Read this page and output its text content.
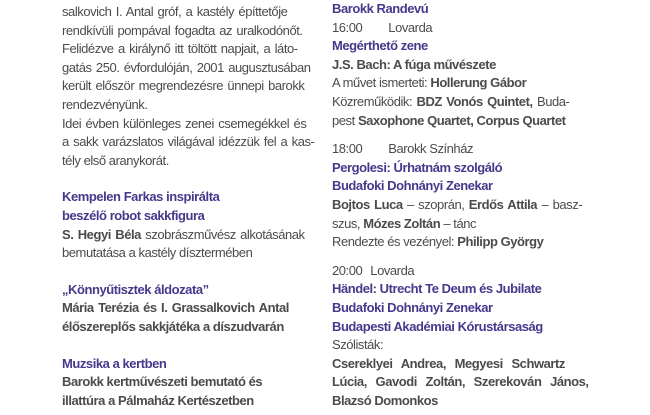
salkovich I. Antal gróf, a kastély építtetője
rendkívüli pompával fogadta az uralkodónőt.
Felidézve a királynő itt töltött napjait, a láto-
gatás 250. évfordulóján, 2001 augusztusában
került először megrendezésre ünnepi barokk
rendezvényünk.
Idei évben különleges zenei csemegékkel és
a sakk varázslatos világával idézzük fel a kas-
tély első aranykorát.
Kempelen Farkas inspirálta
beszélő robot sakkfigura
S. Hegyi Béla szobrászművész alkotásának
bemutatása a kastély dísztermében
„Könnyűtisztek áldozata”
Mária Terézia és I. Grassalkovich Antal
élőszereplős sakkjátéka a díszudvarán
Muzsika a kertben
Barokk kertművészeti bemutató és
illattúra a Pálmaház Kertészetben
Barokk Randevú
16:00 Lovarda
Megérthető zene
J.S. Bach: A fúga művészete
A művet ismerteti: Hollerung Gábor
Közreműködik: BDZ Vonós Quintet, Buda-
pest Saxophone Quartet, Corpus Quartet
18:00 Barokk Színház
Pergolesi: Úrhatnám szolgáló
Budafoki Dohnányi Zenekar
Bojtos Luca – szoprán, Erdős Attila – basz-
szus, Mózes Zoltán – tánc
Rendezte és vezényel: Philipp György
20:00 Lovarda
Händel: Utrecht Te Deum és Jubilate
Budafoki Dohnányi Zenekar
Budapesti Akadémiai Kórustársaság
Szólisták:
Csereklyei Andrea, Megyesi Schwartz
Lúcia, Gavodi Zoltán, Szerekován János,
Blazsó Domonkos
